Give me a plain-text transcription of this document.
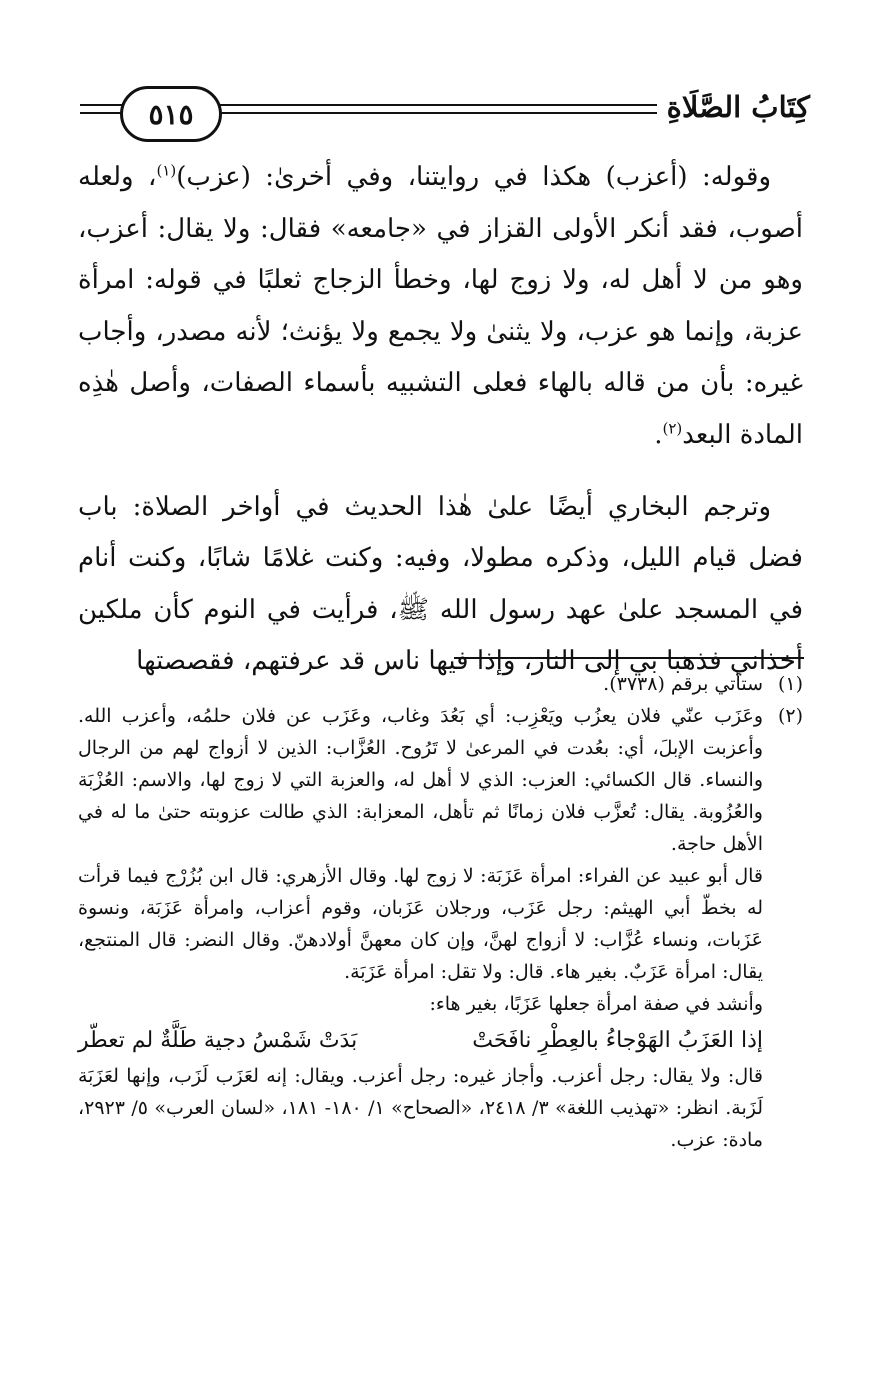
٥١٥	كِتَابُ الصَّلَاةِ

وقوله: (أعزب) هكذا في روايتنا، وفي أخرىٰ: (عزب)$^{(١)}$، ولعله أصوب، فقد أنكر الأولى القزاز في «جامعه» فقال: ولا يقال: أعزب، وهو من لا أهل له، ولا زوج لها، وخطأ الزجاج ثعلبًا في قوله: امرأة عزبة، وإنما هو عزب، ولا يثنىٰ ولا يجمع ولا يؤنث؛ لأنه مصدر، وأجاب غيره: بأن من قاله بالهاء فعلى التشبيه بأسماء الصفات، وأصل هٰذِه المادة البعد$^{(٢)}$.

وترجم البخاري أيضًا علىٰ هٰذا الحديث في أواخر الصلاة: باب فضل قيام الليل، وذكره مطولا، وفيه: وكنت غلامًا شابًا، وكنت أنام في المسجد علىٰ عهد رسول الله ﷺ، فرأيت في النوم كأن ملكين أخذاني فذهبا بي إلى النار، وإذا فيها ناس قد عرفتهم، فقصصتها

(١)

ستأتي برقم (٣٧٣٨).

(٢)

وعَزَب عنّي فلان يعزُب ويَعْزِب: أي بَعُدَ وغاب، وعَزَب عن فلان حلمُه، وأعزب الله. وأعزبت الإبلَ، أي: بعُدت في المرعىٰ لا تَرُوح. العُزَّاب: الذين لا أزواج لهم من الرجال والنساء. قال الكسائي: العزب: الذي لا أهل له، والعزبة التي لا زوج لها، والاسم: العُزْبَة والعُزُوبة. يقال: تُعزَّب فلان زمانًا ثم تأهل، المعزابة: الذي طالت عزوبته حتىٰ ما له في الأهل حاجة.

قال أبو عبيد عن الفراء: امرأة عَزَبَة: لا زوج لها. وقال الأزهري: قال ابن بُزُرْج فيما قرأت له بخطّ أبي الهيثم: رجل عَزَب، ورجلان عَزَبان، وقوم أعزاب، وامرأة عَزَبَة، ونسوة عَزَبات، ونساء عُزَّاب: لا أزواج لهنَّ، وإن كان معهنَّ أولادهنّ. وقال النضر: قال المنتجع، يقال: امرأة عَزَبٌ. بغير هاء. قال: ولا تقل: امرأة عَزَبَة.

وأنشد في صفة امرأة جعلها عَزَبًا، بغير هاء:

إذا العَزَبُ الهَوْجاءُ بالعِطْرِ نافَحَتْ
بَدَتْ شَمْسُ دجية طَلَّةٌ لم تعطّر

قال: ولا يقال: رجل أعزب. وأجاز غيره: رجل أعزب. ويقال: إنه لعَزَب لَزَب، وإنها لعَزَبَة لَزَبة. انظر: «تهذيب اللغة» ٣/ ٢٤١٨، «الصحاح» ١/ ١٨٠- ١٨١، «لسان العرب» ٥/ ٢٩٢٣، مادة: عزب.
